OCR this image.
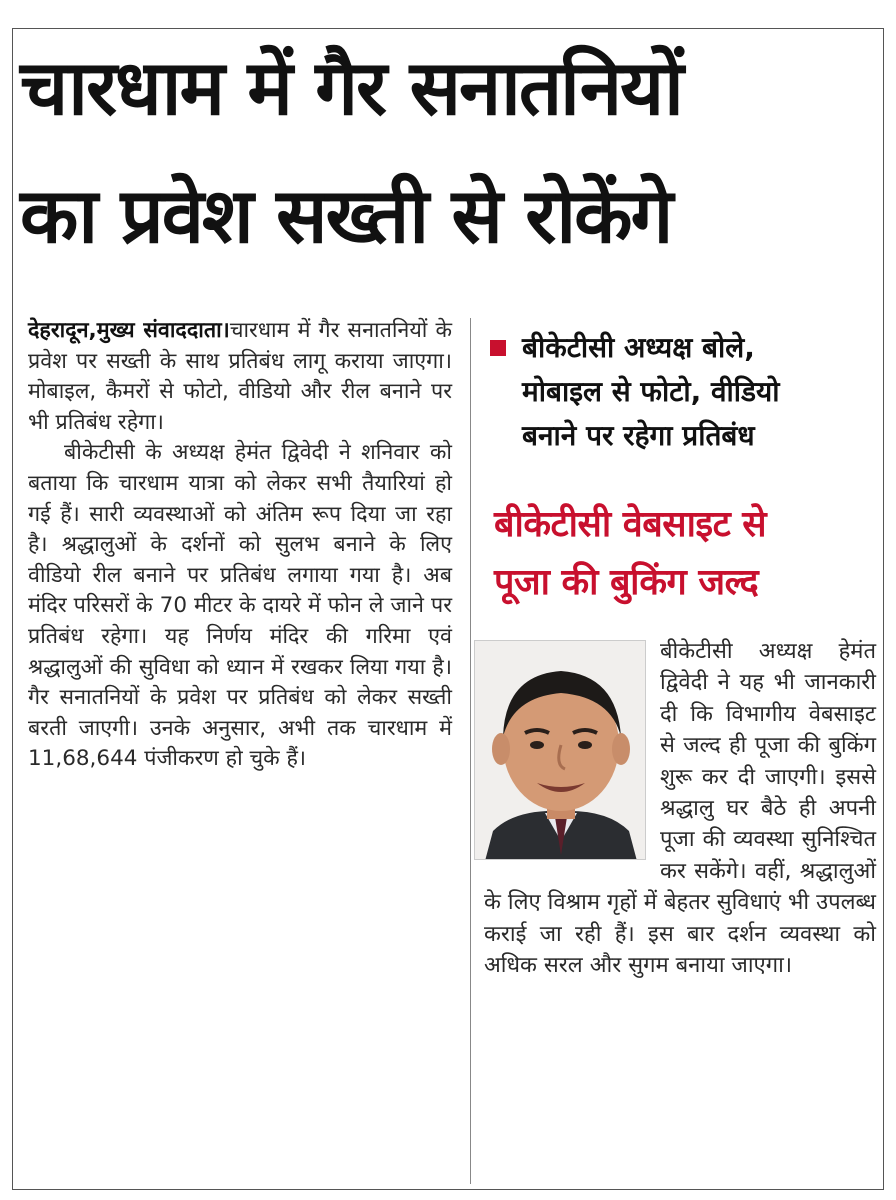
चारधाम में गैर सनातनियों
का प्रवेश सख्ती से रोकेंगे

देहरादून,मुख्य संवाददाता।चारधाम में गैर सनातनियों के प्रवेश पर सख्ती के साथ प्रतिबंध लागू कराया जाएगा। मोबाइल, कैमरों से फोटो, वीडियो और रील बनाने पर भी प्रतिबंध रहेगा।

बीकेटीसी के अध्यक्ष हेमंत द्विवेदी ने शनिवार को बताया कि चारधाम यात्रा को लेकर सभी तैयारियां हो गई हैं। सारी व्यवस्थाओं को अंतिम रूप दिया जा रहा है। श्रद्धालुओं के दर्शनों को सुलभ बनाने के लिए वीडियो रील बनाने पर प्रतिबंध लगाया गया है। अब मंदिर परिसरों के 70 मीटर के दायरे में फोन ले जाने पर प्रतिबंध रहेगा। यह निर्णय मंदिर की गरिमा एवं श्रद्धालुओं की सुविधा को ध्यान में रखकर लिया गया है। गैर सनातनियों के प्रवेश पर प्रतिबंध को लेकर सख्ती बरती जाएगी। उनके अनुसार, अभी तक चारधाम में 11,68,644 पंजीकरण हो चुके हैं।

बीकेटीसी अध्यक्ष बोले,
मोबाइल से फोटो, वीडियो
बनाने पर रहेगा प्रतिबंध
बीकेटीसी वेबसाइट से
पूजा की बुकिंग जल्द
बीकेटीसी अध्यक्ष हेमंत द्विवेदी ने यह भी जानकारी दी कि विभागीय वेबसाइट से जल्द ही पूजा की बुकिंग शुरू कर दी जाएगी। इससे श्रद्धालु घर बैठे ही अपनी पूजा की व्यवस्था सुनिश्चित कर सकेंगे। वहीं, श्रद्धालुओं के लिए विश्राम गृहों में बेहतर सुविधाएं भी उपलब्ध कराई जा रही हैं। इस बार दर्शन व्यवस्था को अधिक सरल और सुगम बनाया जाएगा।
